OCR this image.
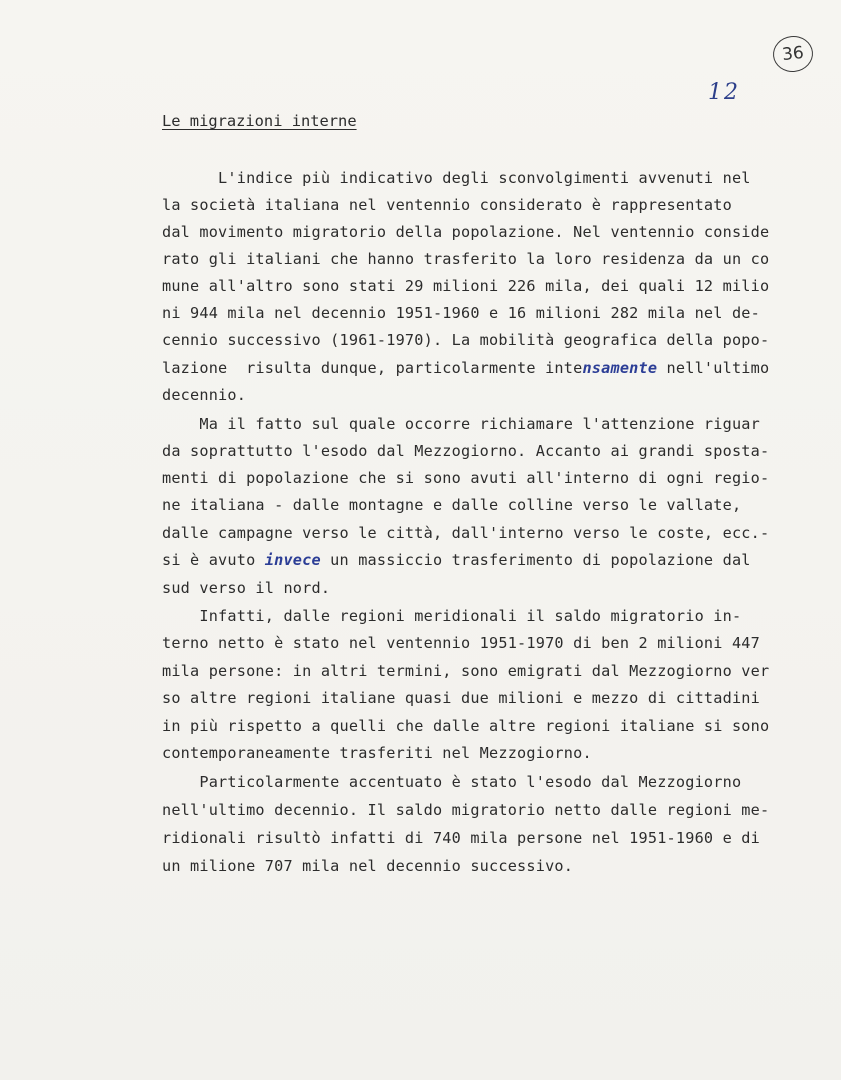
36
12
Le migrazioni interne
L'indice più indicativo degli sconvolgimenti avvenuti nel
la società italiana nel ventennio considerato è rappresentato
dal movimento migratorio della popolazione. Nel ventennio conside
rato gli italiani che hanno trasferito la loro residenza da un co
mune all'altro sono stati 29 milioni 226 mila, dei quali 12 milio
ni 944 mila nel decennio 1951-1960 e 16 milioni 282 mila nel de-
cennio successivo (1961-1970). La mobilità geografica della popo-
lazione  risulta dunque, particolarmente intensamente nell'ultimo
decennio.
Ma il fatto sul quale occorre richiamare l'attenzione riguar
da soprattutto l'esodo dal Mezzogiorno. Accanto ai grandi sposta-
menti di popolazione che si sono avuti all'interno di ogni regio-
ne italiana - dalle montagne e dalle colline verso le vallate,
dalle campagne verso le città, dall'interno verso le coste, ecc.-
si è avuto invece un massiccio trasferimento di popolazione dal
sud verso il nord.
Infatti, dalle regioni meridionali il saldo migratorio in-
terno netto è stato nel ventennio 1951-1970 di ben 2 milioni 447
mila persone: in altri termini, sono emigrati dal Mezzogiorno ver
so altre regioni italiane quasi due milioni e mezzo di cittadini
in più rispetto a quelli che dalle altre regioni italiane si sono
contemporaneamente trasferiti nel Mezzogiorno.
Particolarmente accentuato è stato l'esodo dal Mezzogiorno
nell'ultimo decennio. Il saldo migratorio netto dalle regioni me-
ridionali risultò infatti di 740 mila persone nel 1951-1960 e di
un milione 707 mila nel decennio successivo.
